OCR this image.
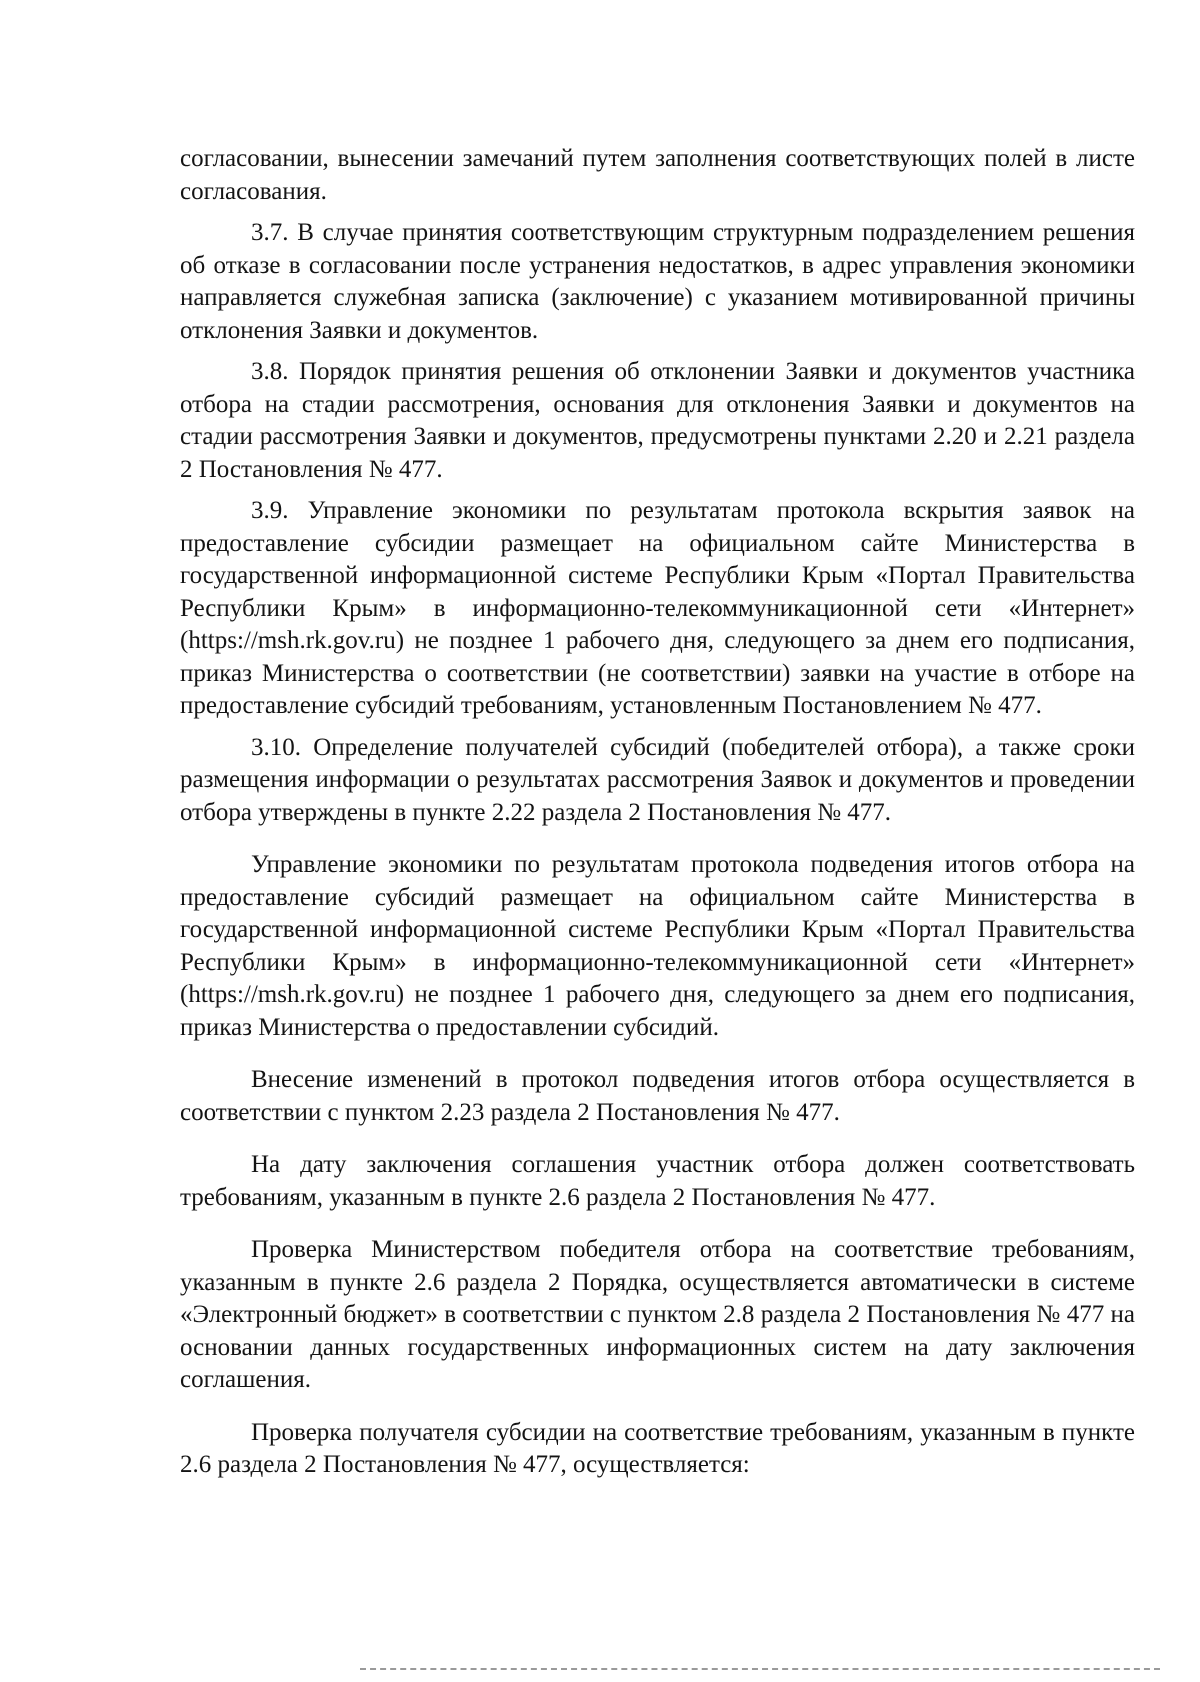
согласовании, вынесении замечаний путем заполнения соответствующих полей в листе согласования.

3.7. В случае принятия соответствующим структурным подразделением решения об отказе в согласовании после устранения недостатков, в адрес управления экономики направляется служебная записка (заключение) с указанием мотивированной причины отклонения Заявки и документов.

3.8. Порядок принятия решения об отклонении Заявки и документов участника отбора на стадии рассмотрения, основания для отклонения Заявки и документов на стадии рассмотрения Заявки и документов, предусмотрены пунктами 2.20 и 2.21 раздела 2 Постановления № 477.

3.9. Управление экономики по результатам протокола вскрытия заявок на предоставление субсидии размещает на официальном сайте Министерства в государственной информационной системе Республики Крым «Портал Правительства Республики Крым» в информационно-телекоммуникационной сети «Интернет» (https://msh.rk.gov.ru) не позднее 1 рабочего дня, следующего за днем его подписания, приказ Министерства о соответствии (не соответствии) заявки на участие в отборе на предоставление субсидий требованиям, установленным Постановлением № 477.

3.10. Определение получателей субсидий (победителей отбора), а также сроки размещения информации о результатах рассмотрения Заявок и документов и проведении отбора утверждены в пункте 2.22 раздела 2 Постановления № 477.

Управление экономики по результатам протокола подведения итогов отбора на предоставление субсидий размещает на официальном сайте Министерства в государственной информационной системе Республики Крым «Портал Правительства Республики Крым» в информационно-телекоммуникационной сети «Интернет» (https://msh.rk.gov.ru) не позднее 1 рабочего дня, следующего за днем его подписания, приказ Министерства о предоставлении субсидий.

Внесение изменений в протокол подведения итогов отбора осуществляется в соответствии с пунктом 2.23 раздела 2 Постановления № 477.

На дату заключения соглашения участник отбора должен соответствовать требованиям, указанным в пункте 2.6 раздела 2 Постановления № 477.

Проверка Министерством победителя отбора на соответствие требованиям, указанным в пункте 2.6 раздела 2 Порядка, осуществляется автоматически в системе «Электронный бюджет» в соответствии с пунктом 2.8 раздела 2 Постановления № 477 на основании данных государственных информационных систем на дату заключения соглашения.

Проверка получателя субсидии на соответствие требованиям, указанным в пункте 2.6 раздела 2 Постановления № 477, осуществляется:
